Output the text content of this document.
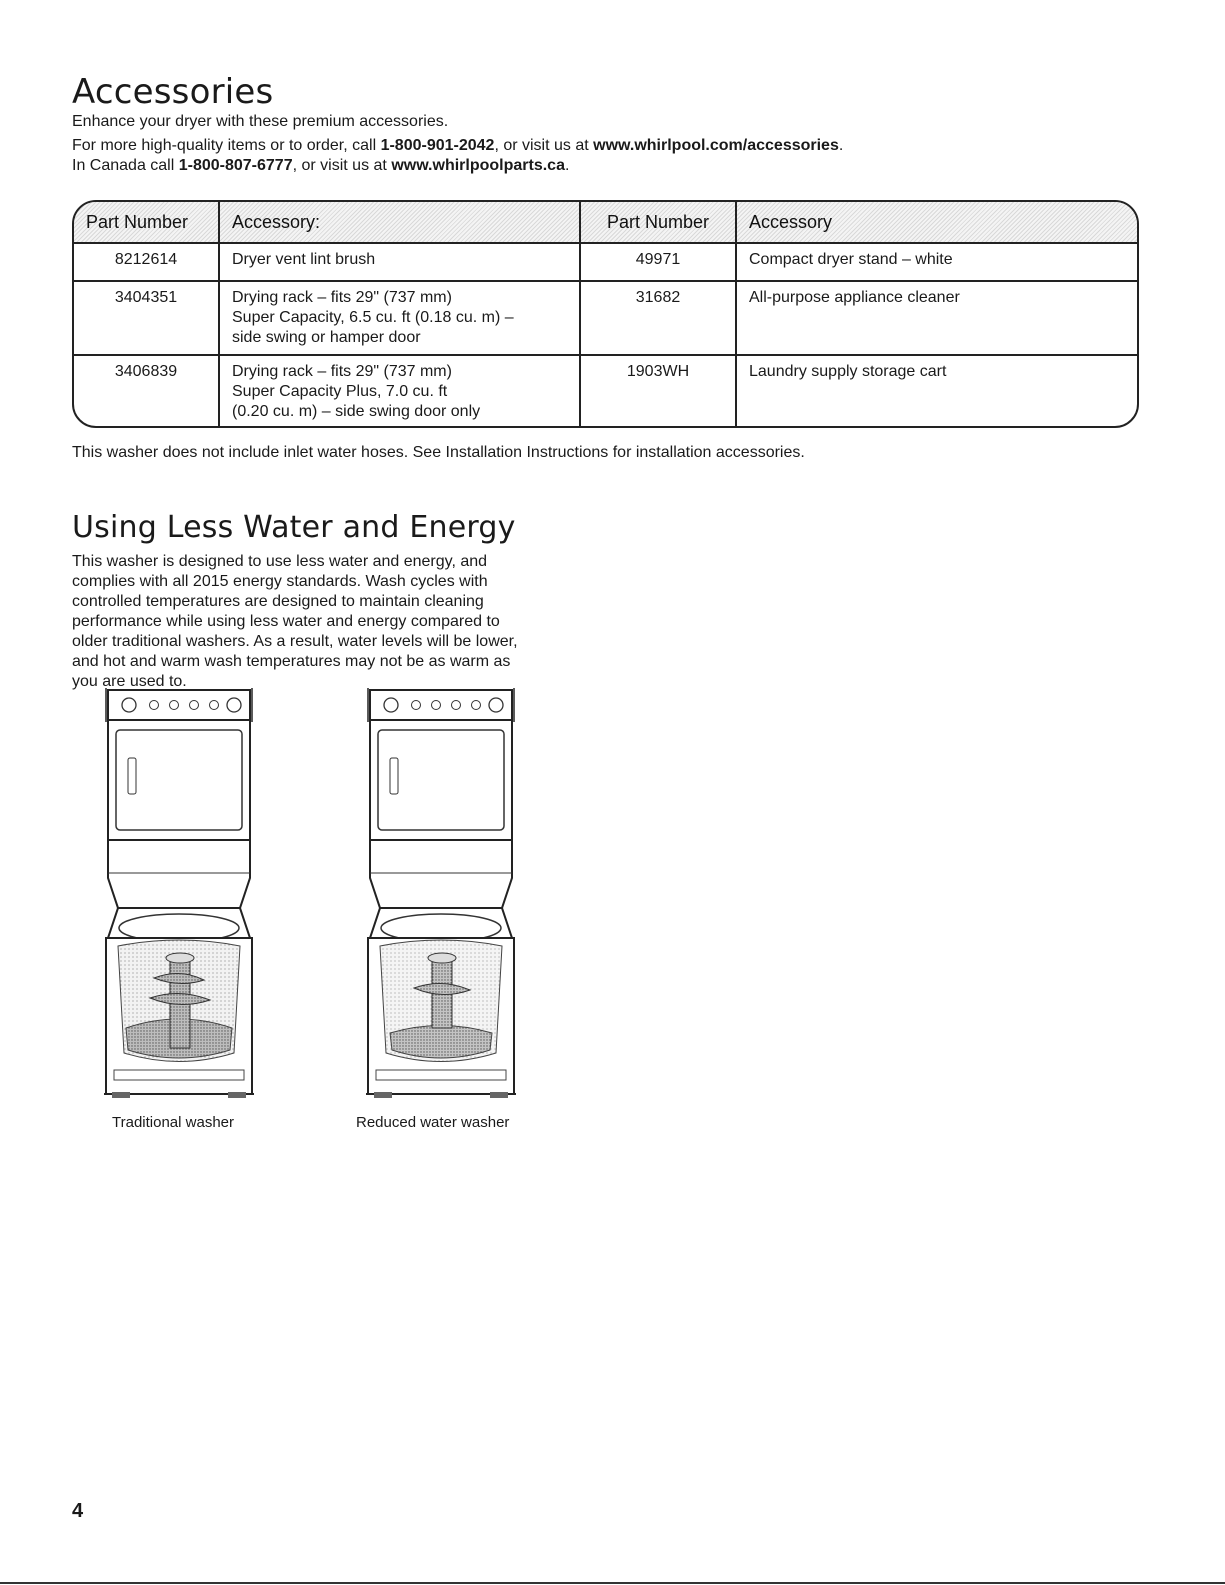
Accessories

Enhance your dryer with these premium accessories.

For more high-quality items or to order, call 1-800-901-2042, or visit us at www.whirlpool.com/accessories.

In Canada call 1-800-807-6777, or visit us at www.whirlpoolparts.ca.

Part Number	Accessory:	Part Number	Accessory
8212614	Dryer vent lint brush	49971	Compact dryer stand – white
3404351	Drying rack – fits 29" (737 mm)
Super Capacity, 6.5 cu. ft (0.18 cu. m) –
side swing or hamper door	31682	All-purpose appliance cleaner
3406839	Drying rack – fits 29" (737 mm)
Super Capacity Plus, 7.0 cu. ft
(0.20 cu. m) – side swing door only	1903WH	Laundry supply storage cart
This washer does not include inlet water hoses. See Installation Instructions for installation accessories.
Using Less Water and Energy
This washer is designed to use less water and energy, and
complies with all 2015 energy standards. Wash cycles with
controlled temperatures are designed to maintain cleaning
performance while using less water and energy compared to
older traditional washers. As a result, water levels will be lower,
and hot and warm wash temperatures may not be as warm as
you are used to.
Traditional washer	Reduced water washer
4
